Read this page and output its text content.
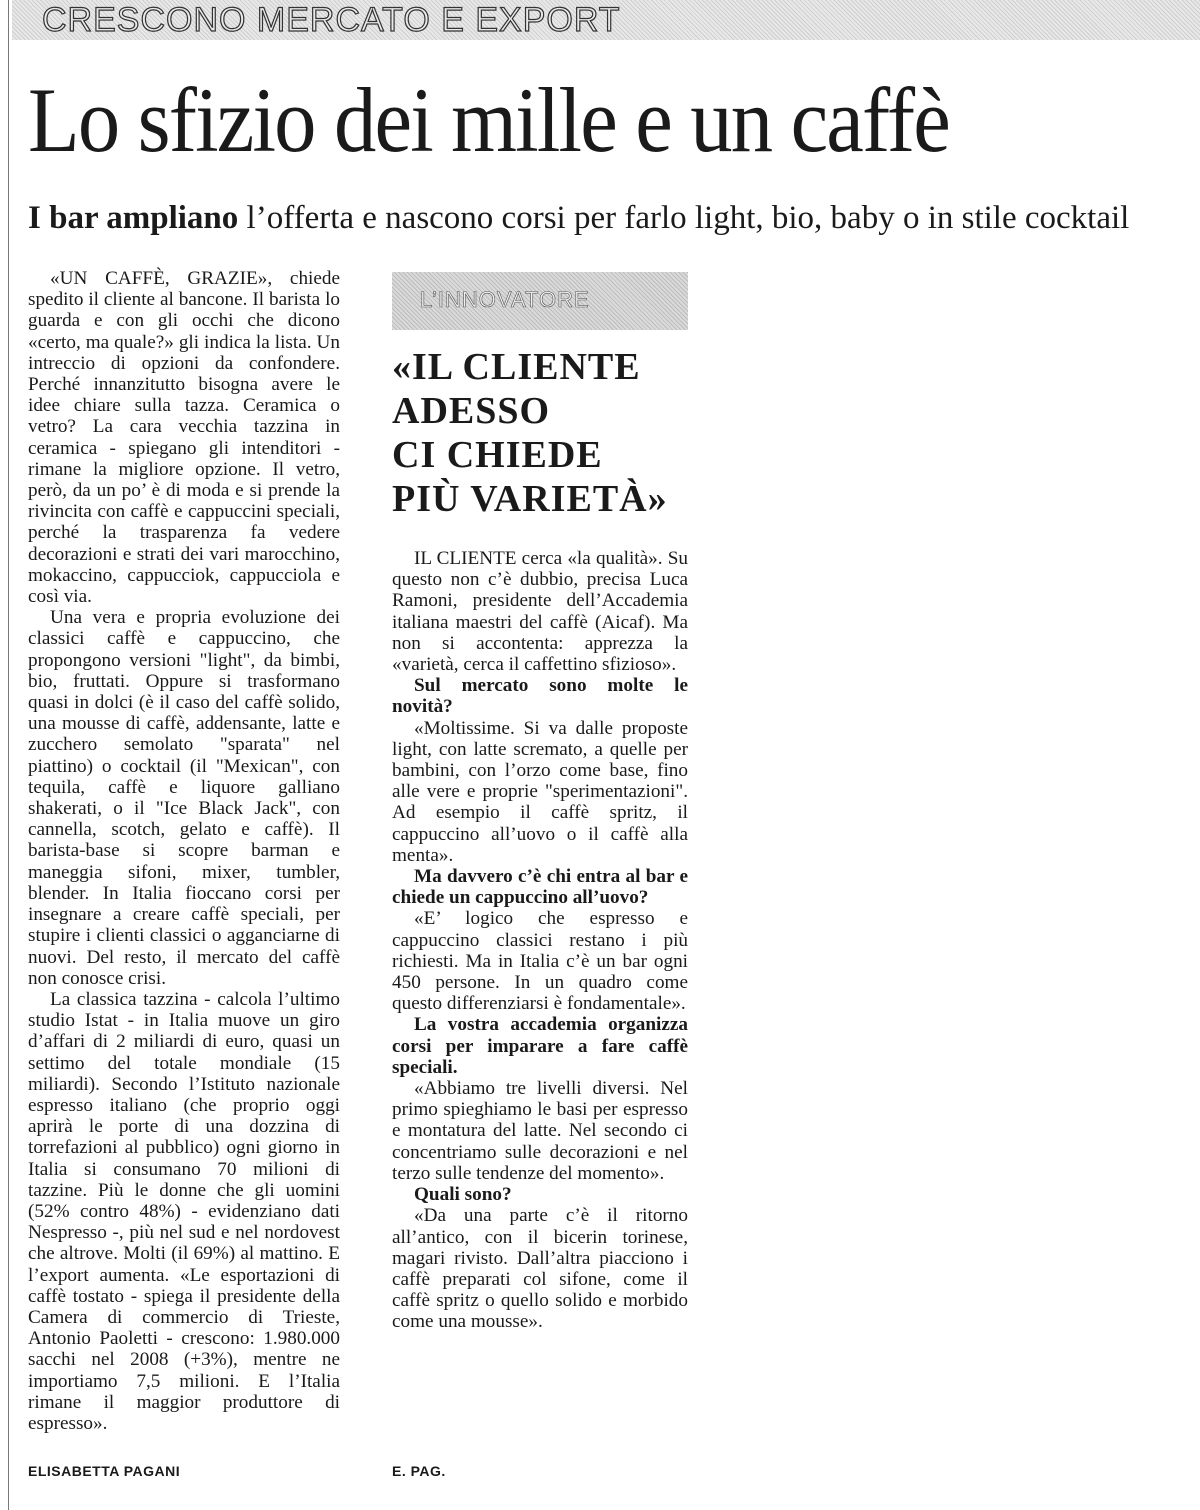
CRESCONO MERCATO E EXPORT
Lo sfizio dei mille e un caffè
I bar ampliano l’offerta e nascono corsi per farlo light, bio, baby o in stile cocktail

«UN CAFFÈ, GRAZIE», chiede spedito il cliente al bancone. Il barista lo guarda e con gli occhi che dicono «certo, ma quale?» gli indica la lista. Un intreccio di opzioni da confondere. Perché innanzitutto bisogna avere le idee chiare sulla tazza. Ceramica o vetro? La cara vecchia tazzina in ceramica - spiegano gli intenditori - rimane la migliore opzione. Il vetro, però, da un po’ è di moda e si prende la rivincita con caffè e cappuccini speciali, perché la trasparenza fa vedere decorazioni e strati dei vari marocchino, mokaccino, cappucciok, cappucciola e così via.

Una vera e propria evoluzione dei classici caffè e cappuccino, che propongono versioni "light", da bimbi, bio, fruttati. Oppure si trasformano quasi in dolci (è il caso del caffè solido, una mousse di caffè, addensante, latte e zucchero semolato "sparata" nel piattino) o cocktail (il "Mexican", con tequila, caffè e liquore galliano shakerati, o il "Ice Black Jack", con cannella, scotch, gelato e caffè). Il barista-base si scopre barman e maneggia sifoni, mixer, tumbler, blender. In Italia fioccano corsi per insegnare a creare caffè speciali, per stupire i clienti classici o agganciarne di nuovi. Del resto, il mercato del caffè non conosce crisi.

La classica tazzina - calcola l’ultimo studio Istat - in Italia muove un giro d’affari di 2 miliardi di euro, quasi un settimo del totale mondiale (15 miliardi). Secondo l’Istituto nazionale espresso italiano (che proprio oggi aprirà le porte di una dozzina di torrefazioni al pubblico) ogni giorno in Italia si consumano 70 milioni di tazzine. Più le donne che gli uomini (52% contro 48%) - evidenziano dati Nespresso -, più nel sud e nel nordovest che altrove. Molti (il 69%) al mattino. E l’export aumenta. «Le esportazioni di caffè tostato - spiega il presidente della Camera di commercio di Trieste, Antonio Paoletti - crescono: 1.980.000 sacchi nel 2008 (+3%), mentre ne importiamo 7,5 milioni. E l’Italia rimane il maggior produttore di espresso».

ELISABETTA PAGANI
L’INNOVATORE
«IL CLIENTE
ADESSO
CI CHIEDE
PIÙ VARIETÀ»

IL CLIENTE cerca «la qualità». Su questo non c’è dubbio, precisa Luca Ramoni, presidente dell’Accademia italiana maestri del caffè (Aicaf). Ma non si accontenta: apprezza la «varietà, cerca il caffettino sfizioso».

Sul mercato sono molte le novità?

«Moltissime. Si va dalle proposte light, con latte scremato, a quelle per bambini, con l’orzo come base, fino alle vere e proprie "sperimentazioni". Ad esempio il caffè spritz, il cappuccino all’uovo o il caffè alla menta».

Ma davvero c’è chi entra al bar e chiede un cappuccino all’uovo?

«E’ logico che espresso e cappuccino classici restano i più richiesti. Ma in Italia c’è un bar ogni 450 persone. In un quadro come questo differenziarsi è fondamentale».

La vostra accademia organizza corsi per imparare a fare caffè speciali.

«Abbiamo tre livelli diversi. Nel primo spieghiamo le basi per espresso e montatura del latte. Nel secondo ci concentriamo sulle decorazioni e nel terzo sulle tendenze del momento».

Quali sono?

«Da una parte c’è il ritorno all’antico, con il bicerin torinese, magari rivisto. Dall’altra piacciono i caffè preparati col sifone, come il caffè spritz o quello solido e morbido come una mousse».

E. PAG.
